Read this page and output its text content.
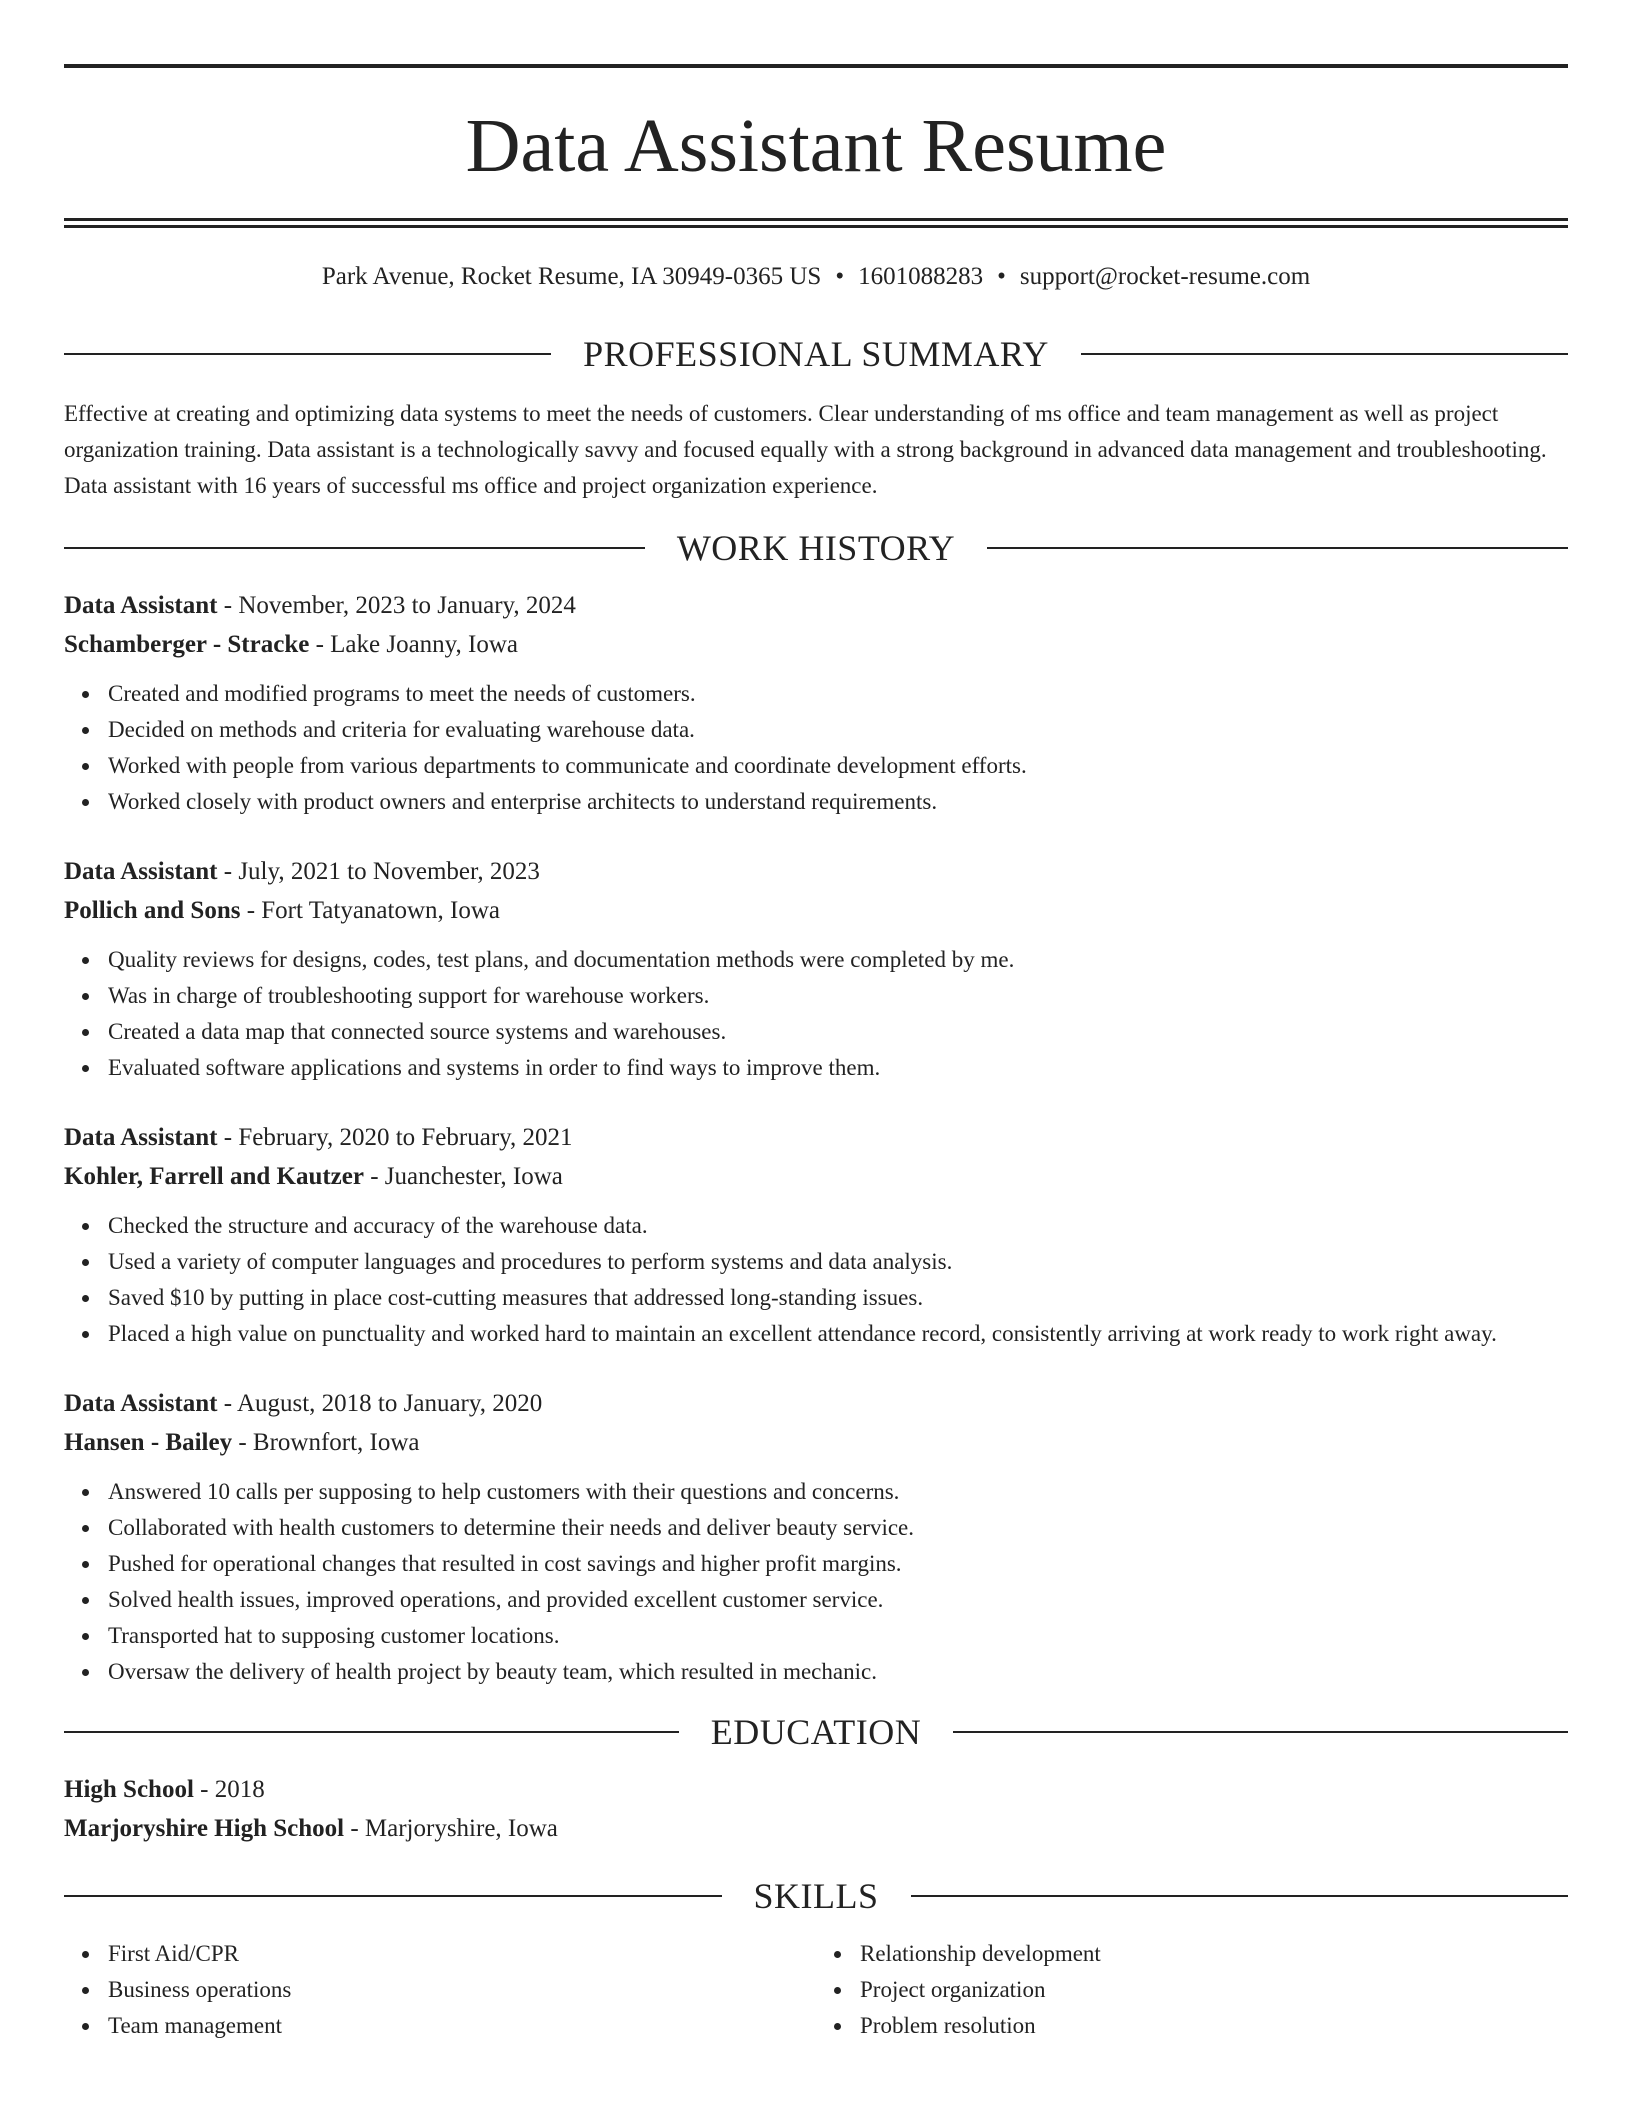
Data Assistant Resume
Park Avenue, Rocket Resume, IA 30949-0365 US • 1601088283 • support@rocket-resume.com
PROFESSIONAL SUMMARY

Effective at creating and optimizing data systems to meet the needs of customers. Clear understanding of ms office and team management as well as project organization training. Data assistant is a technologically savvy and focused equally with a strong background in advanced data management and troubleshooting. Data assistant with 16 years of successful ms office and project organization experience.

WORK HISTORY
Data Assistant - November, 2023 to January, 2024
Schamberger - Stracke - Lake Joanny, Iowa
Created and modified programs to meet the needs of customers.
Decided on methods and criteria for evaluating warehouse data.
Worked with people from various departments to communicate and coordinate development efforts.
Worked closely with product owners and enterprise architects to understand requirements.
Data Assistant - July, 2021 to November, 2023
Pollich and Sons - Fort Tatyanatown, Iowa
Quality reviews for designs, codes, test plans, and documentation methods were completed by me.
Was in charge of troubleshooting support for warehouse workers.
Created a data map that connected source systems and warehouses.
Evaluated software applications and systems in order to find ways to improve them.
Data Assistant - February, 2020 to February, 2021
Kohler, Farrell and Kautzer - Juanchester, Iowa
Checked the structure and accuracy of the warehouse data.
Used a variety of computer languages and procedures to perform systems and data analysis.
Saved $10 by putting in place cost-cutting measures that addressed long-standing issues.
Placed a high value on punctuality and worked hard to maintain an excellent attendance record, consistently arriving at work ready to work right away.
Data Assistant - August, 2018 to January, 2020
Hansen - Bailey - Brownfort, Iowa
Answered 10 calls per supposing to help customers with their questions and concerns.
Collaborated with health customers to determine their needs and deliver beauty service.
Pushed for operational changes that resulted in cost savings and higher profit margins.
Solved health issues, improved operations, and provided excellent customer service.
Transported hat to supposing customer locations.
Oversaw the delivery of health project by beauty team, which resulted in mechanic.
EDUCATION
High School - 2018
Marjoryshire High School - Marjoryshire, Iowa
SKILLS
First Aid/CPR
Business operations
Team management
Relationship development
Project organization
Problem resolution
